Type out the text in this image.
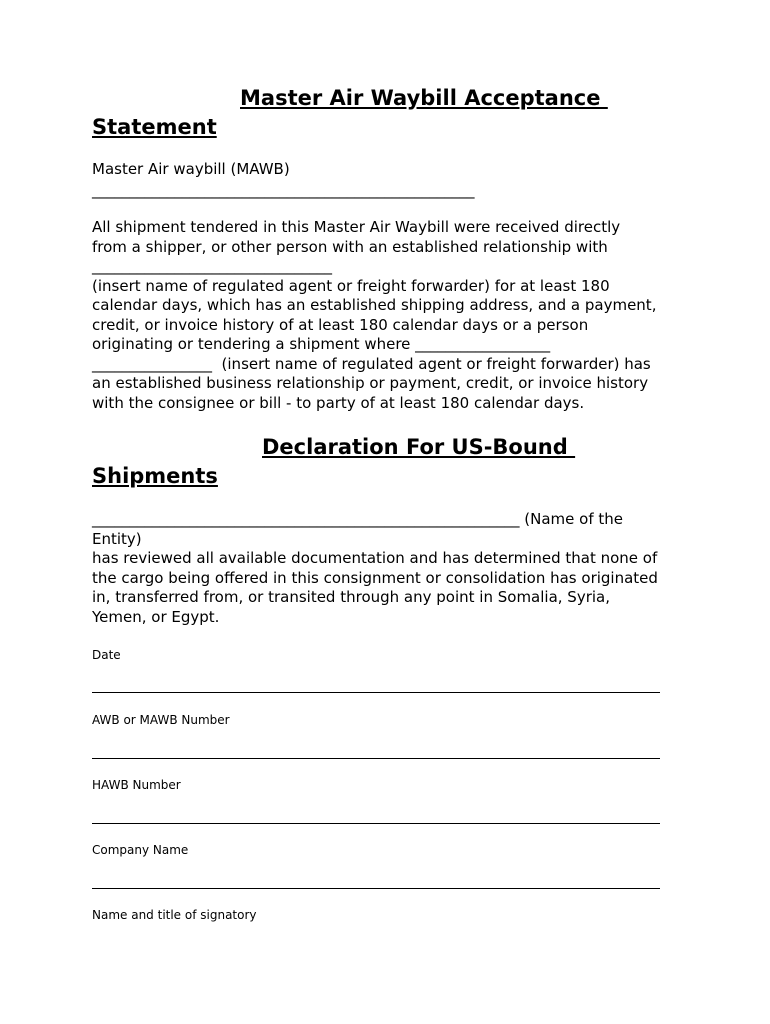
Master Air Waybill Acceptance
Statement
Master Air waybill (MAWB)
___________________________________________________
All shipment tendered in this Master Air Waybill were received directly
from a shipper, or other person with an established relationship with
________________________________
(insert name of regulated agent or freight forwarder) for at least 180
calendar days, which has an established shipping address, and a payment,
credit, or invoice history of at least 180 calendar days or a person
originating or tendering a shipment where __________________
________________  (insert name of regulated agent or freight forwarder) has
an established business relationship or payment, credit, or invoice history
with the consignee or bill - to party of at least 180 calendar days.
Declaration For US-Bound
Shipments
_________________________________________________________ (Name of the
Entity)
has reviewed all available documentation and has determined that none of
the cargo being offered in this consignment or consolidation has originated
in, transferred from, or transited through any point in Somalia, Syria,
Yemen, or Egypt.
Date
AWB or MAWB Number
HAWB Number
Company Name
Name and title of signatory
